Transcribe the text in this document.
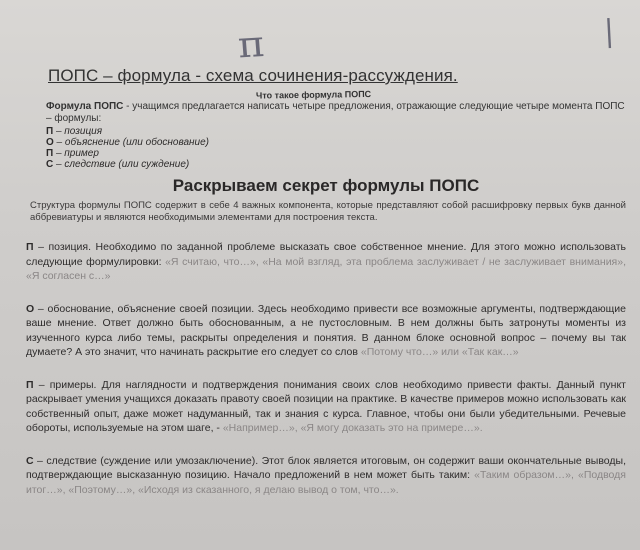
п	|
ПОПС – формула - схема сочинения-рассуждения.
Что такое формула ПОПС
Формула ПОПС - учащимся предлагается написать четыре предложения, отражающие следующие четыре момента ПОПС – формулы:
П – позиция
О – объяснение (или обоснование)
П – пример
С – следствие (или суждение)
Раскрываем секрет формулы ПОПС
Структура формулы ПОПС содержит в себе 4 важных компонента, которые представляют собой расшифровку первых букв данной аббревиатуры и являются необходимыми элементами для построения текста.
П – позиция. Необходимо по заданной проблеме высказать свое собственное мнение. Для этого можно использовать следующие формулировки: «Я считаю, что…», «На мой взгляд, эта проблема заслуживает / не заслуживает внимания», «Я согласен с…»
О – обоснование, объяснение своей позиции. Здесь необходимо привести все возможные аргументы, подтверждающие ваше мнение. Ответ должно быть обоснованным, а не пустословным. В нем должны быть затронуты моменты из изученного курса либо темы, раскрыты определения и понятия. В данном блоке основной вопрос – почему вы так думаете? А это значит, что начинать раскрытие его следует со слов «Потому что…» или «Так как…»
П – примеры. Для наглядности и подтверждения понимания своих слов необходимо привести факты. Данный пункт раскрывает умения учащихся доказать правоту своей позиции на практике. В качестве примеров можно использовать как собственный опыт, даже может надуманный, так и знания с курса. Главное, чтобы они были убедительными. Речевые обороты, используемые на этом шаге, - «Например…», «Я могу доказать это на примере…».
С – следствие (суждение или умозаключение). Этот блок является итоговым, он содержит ваши окончательные выводы, подтверждающие высказанную позицию. Начало предложений в нем может быть таким: «Таким образом…», «Подводя итог…», «Поэтому…», «Исходя из сказанного, я делаю вывод о том, что…».
